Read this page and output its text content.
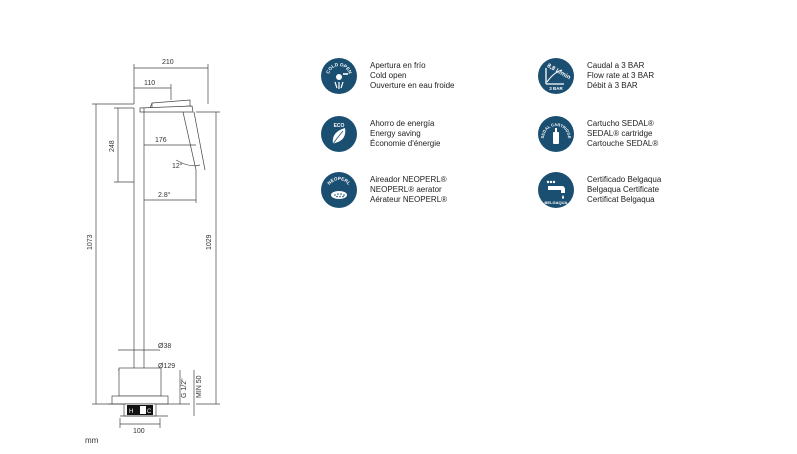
210
110
176
248
12°
2.8°
1073	1029
Ø38
Ø129
G 1/2" MIN 50
100
H C
mm
COLD OPEN
Apertura en frío
Cold open
Ouverture en eau froide
8,8 L/min
3 BAR
Caudal a 3 BAR
Flow rate at 3 BAR
Débit à 3 BAR
ECO	Ahorro de energía
Energy saving
Économie d'énergie
SEDAL CARTRIDGE
Cartucho SEDAL®
SEDAL® cartridge
Cartouche SEDAL®
NEOPERL Aireador NEOPERL®
NEOPERL® aerator
Aérateur NEOPERL®	BELGAQUA
Certificado Belgaqua
Belgaqua Certificate
Certificat Belgaqua
